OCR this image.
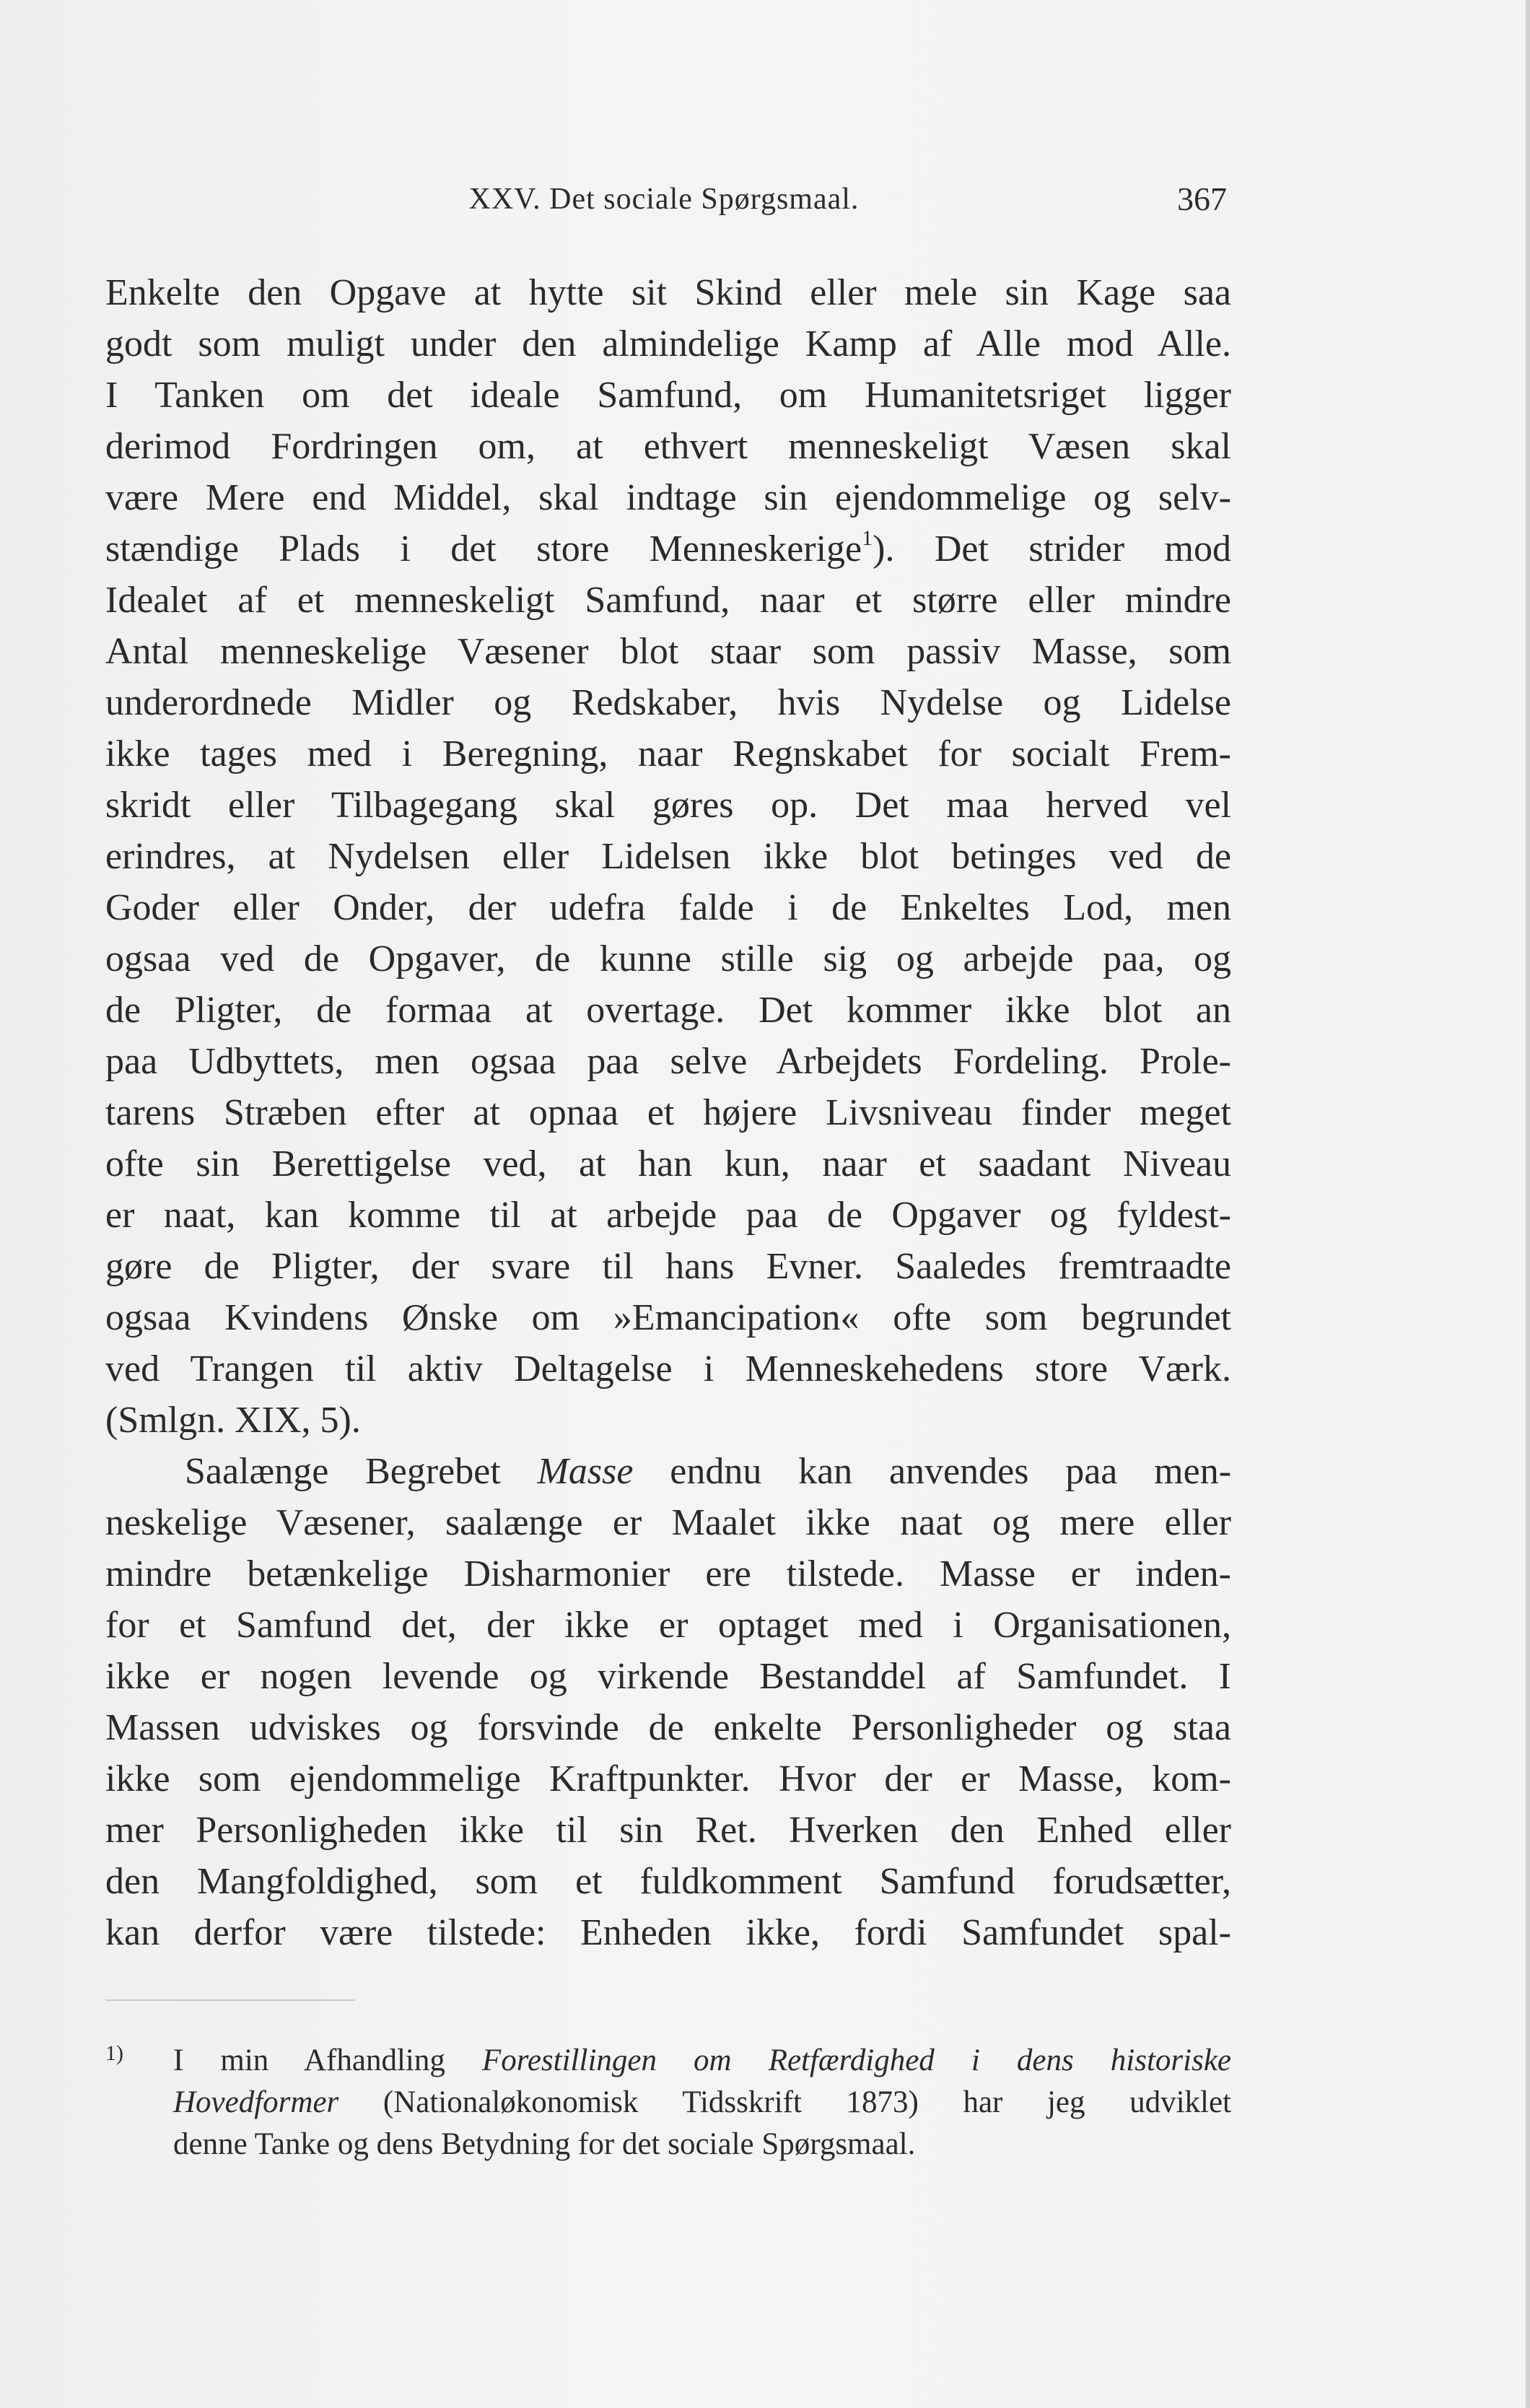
XXV. Det sociale Spørgsmaal.	367
Enkelte den Opgave at hytte sit Skind eller mele sin Kage saa
godt som muligt under den almindelige Kamp af Alle mod Alle.
I Tanken om det ideale Samfund, om Humanitetsriget ligger
derimod Fordringen om, at ethvert menneskeligt Væsen skal
være Mere end Middel, skal indtage sin ejendommelige og selv-
stændige Plads i det store Menneskerige$^1$). Det strider mod
Idealet af et menneskeligt Samfund, naar et større eller mindre
Antal menneskelige Væsener blot staar som passiv Masse, som
underordnede Midler og Redskaber, hvis Nydelse og Lidelse
ikke tages med i Beregning, naar Regnskabet for socialt Frem-
skridt eller Tilbagegang skal gøres op. Det maa herved vel
erindres, at Nydelsen eller Lidelsen ikke blot betinges ved de
Goder eller Onder, der udefra falde i de Enkeltes Lod, men
ogsaa ved de Opgaver, de kunne stille sig og arbejde paa, og
de Pligter, de formaa at overtage. Det kommer ikke blot an
paa Udbyttets, men ogsaa paa selve Arbejdets Fordeling. Prole-
tarens Stræben efter at opnaa et højere Livsniveau finder meget
ofte sin Berettigelse ved, at han kun, naar et saadant Niveau
er naat, kan komme til at arbejde paa de Opgaver og fyldest-
gøre de Pligter, der svare til hans Evner. Saaledes fremtraadte
ogsaa Kvindens Ønske om »Emancipation« ofte som begrundet
ved Trangen til aktiv Deltagelse i Menneskehedens store Værk.
(Smlgn. XIX, 5).
Saalænge Begrebet Masse endnu kan anvendes paa men-
neskelige Væsener, saalænge er Maalet ikke naat og mere eller
mindre betænkelige Disharmonier ere tilstede. Masse er inden-
for et Samfund det, der ikke er optaget med i Organisationen,
ikke er nogen levende og virkende Bestanddel af Samfundet. I
Massen udviskes og forsvinde de enkelte Personligheder og staa
ikke som ejendommelige Kraftpunkter. Hvor der er Masse, kom-
mer Personligheden ikke til sin Ret. Hverken den Enhed eller
den Mangfoldighed, som et fuldkomment Samfund forudsætter,
kan derfor være tilstede: Enheden ikke, fordi Samfundet spal-
1) I min Afhandling Forestillingen om Retfærdighed i dens historiske
Hovedformer (Nationaløkonomisk Tidsskrift 1873) har jeg udviklet
denne Tanke og dens Betydning for det sociale Spørgsmaal.
